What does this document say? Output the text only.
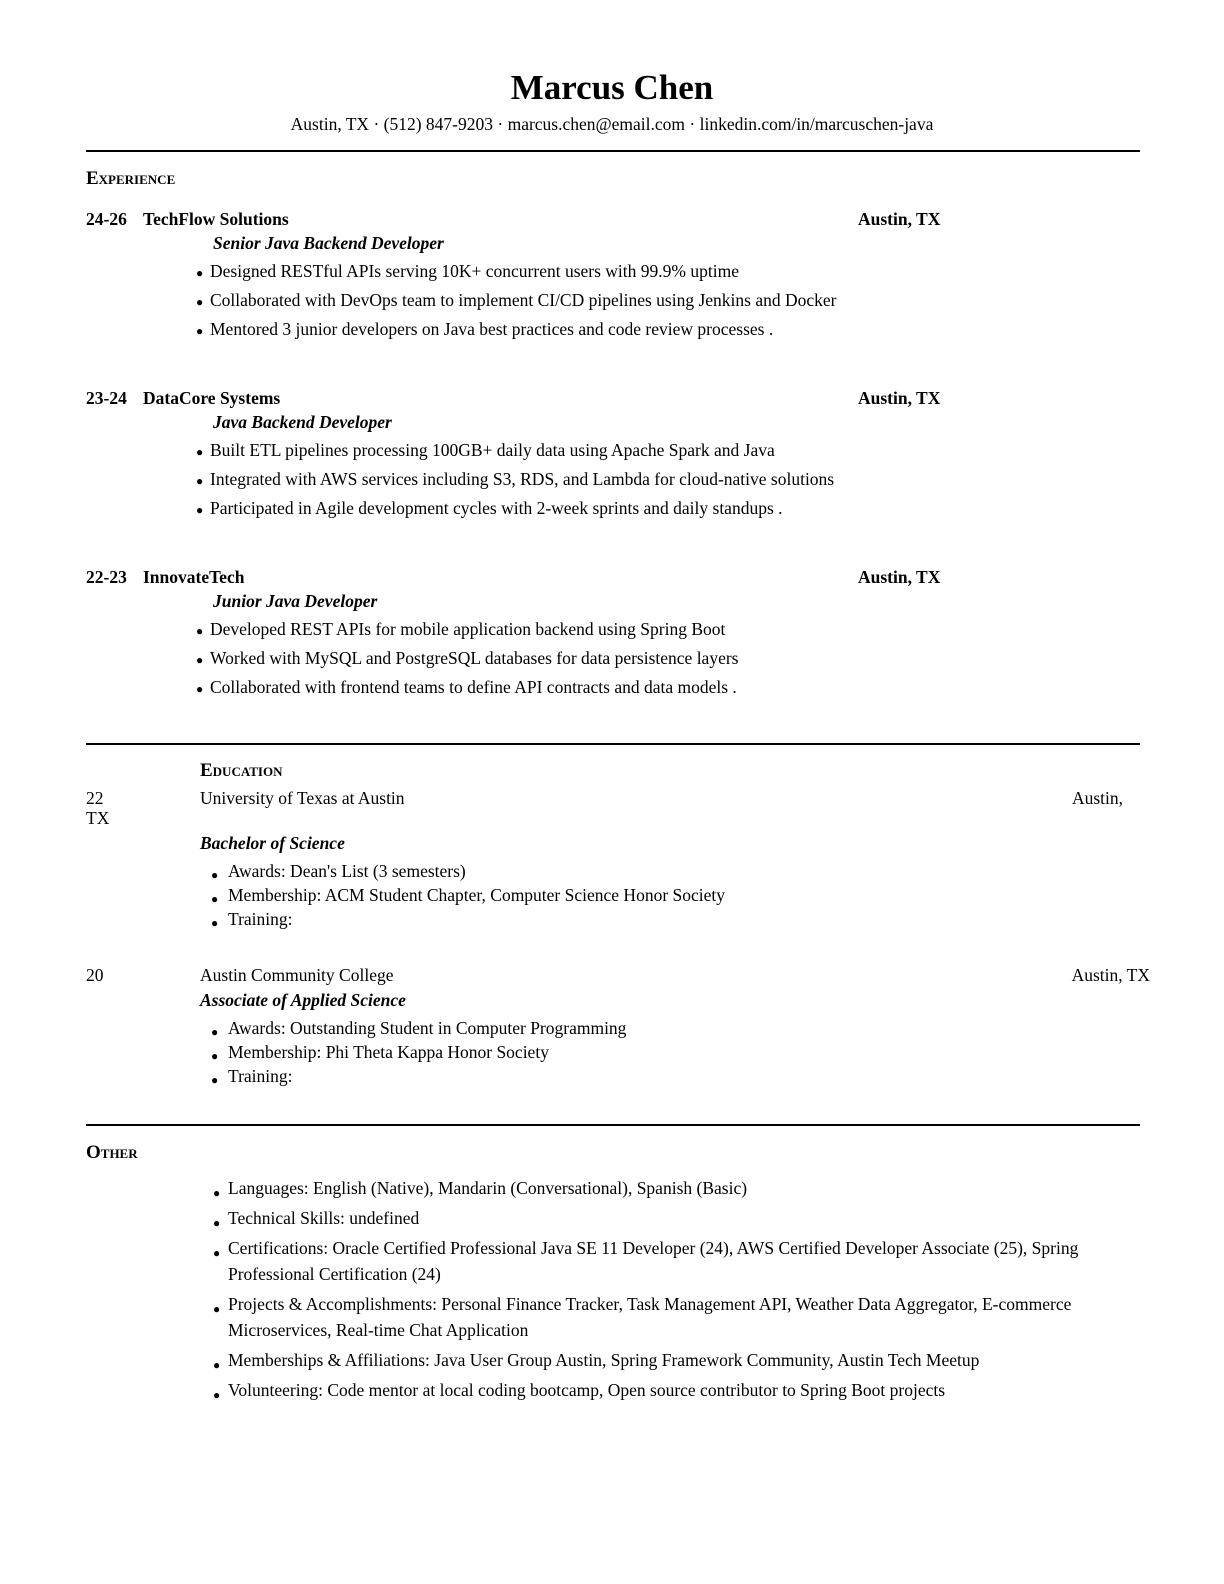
Marcus Chen
Austin, TX · (512) 847-9203 · marcus.chen@email.com · linkedin.com/in/marcuschen-java
Experience
24-26 TechFlow Solutions	Austin, TX
Senior Java Backend Developer
● Designed RESTful APIs serving 10K+ concurrent users with 99.9% uptime
● Collaborated with DevOps team to implement CI/CD pipelines using Jenkins and Docker
● Mentored 3 junior developers on Java best practices and code review processes .
23-24 DataCore Systems	Austin, TX
Java Backend Developer
● Built ETL pipelines processing 100GB+ daily data using Apache Spark and Java
● Integrated with AWS services including S3, RDS, and Lambda for cloud-native solutions
● Participated in Agile development cycles with 2-week sprints and daily standups .
22-23 InnovateTech	Austin, TX
Junior Java Developer
● Developed REST APIs for mobile application backend using Spring Boot
● Worked with MySQL and PostgreSQL databases for data persistence layers
● Collaborated with frontend teams to define API contracts and data models .
Education
22	University of Texas at Austin	Austin,
TX
Bachelor of Science
● Awards: Dean's List (3 semesters)
● Membership: ACM Student Chapter, Computer Science Honor Society
● Training:
20	Austin Community College	Austin, TX
Associate of Applied Science
● Awards: Outstanding Student in Computer Programming
● Membership: Phi Theta Kappa Honor Society
● Training:
Other
● Languages: English (Native), Mandarin (Conversational), Spanish (Basic)
● Technical Skills: undefined
● Certifications: Oracle Certified Professional Java SE 11 Developer (24), AWS Certified Developer Associate (25), Spring Professional Certification (24)
● Projects & Accomplishments: Personal Finance Tracker, Task Management API, Weather Data Aggregator, E-commerce Microservices, Real-time Chat Application
● Memberships & Affiliations: Java User Group Austin, Spring Framework Community, Austin Tech Meetup
● Volunteering: Code mentor at local coding bootcamp, Open source contributor to Spring Boot projects
